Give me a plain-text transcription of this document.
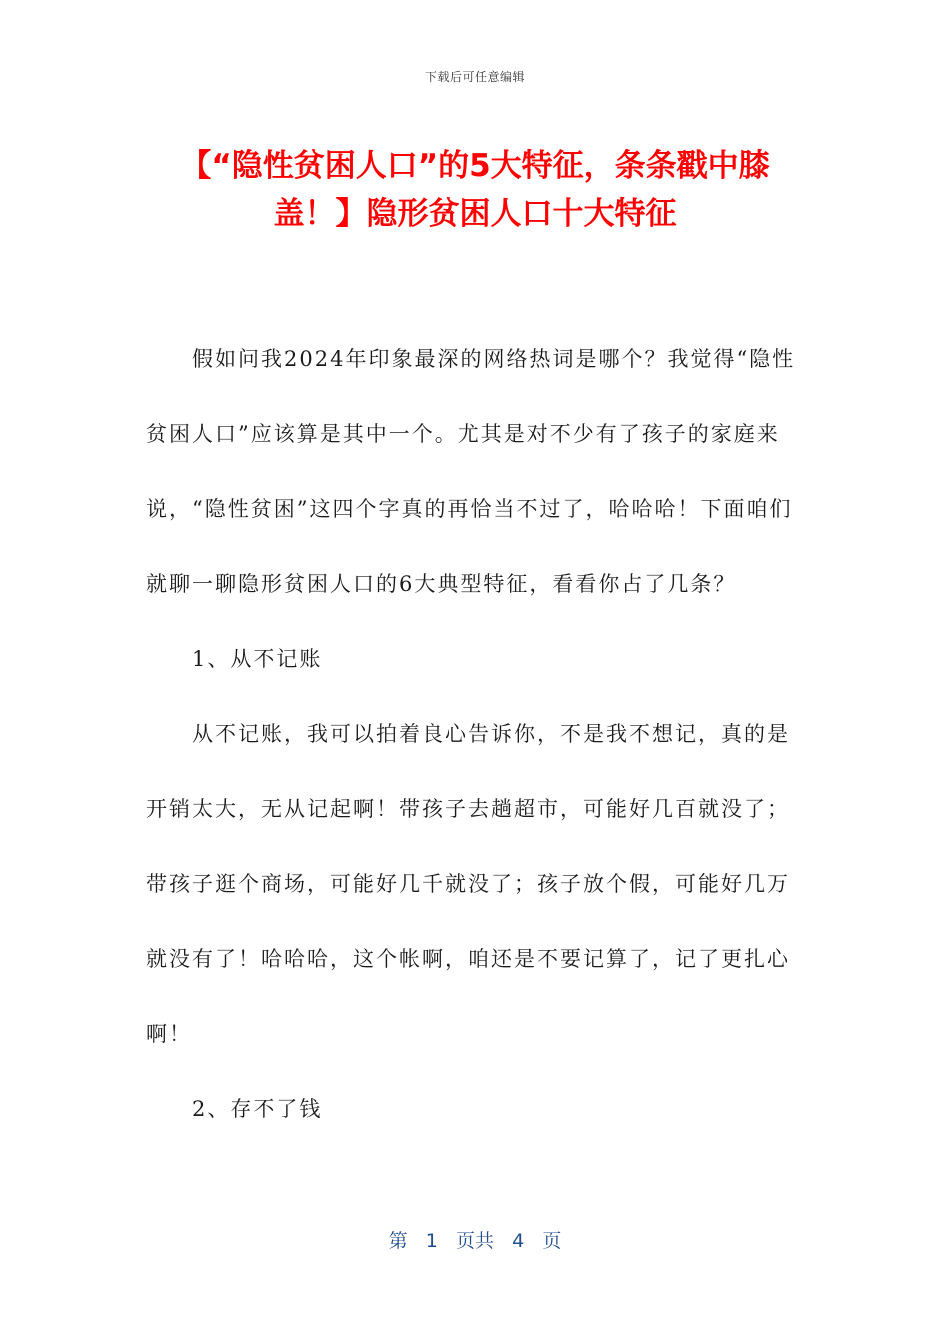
下载后可任意编辑
【“隐性贫困人口”的5大特征，条条戳中膝盖！】隐形贫困人口十大特征

假如问我2024年印象最深的网络热词是哪个？我觉得“隐性贫困人口”应该算是其中一个。尤其是对不少有了孩子的家庭来说，“隐性贫困”这四个字真的再恰当不过了，哈哈哈！下面咱们就聊一聊隐形贫困人口的6大典型特征，看看你占了几条？

1、从不记账

从不记账，我可以拍着良心告诉你，不是我不想记，真的是开销太大，无从记起啊！带孩子去趟超市，可能好几百就没了；带孩子逛个商场，可能好几千就没了；孩子放个假，可能好几万就没有了！哈哈哈，这个帐啊，咱还是不要记算了，记了更扎心啊！

2、存不了钱

第 1 页共 4 页
